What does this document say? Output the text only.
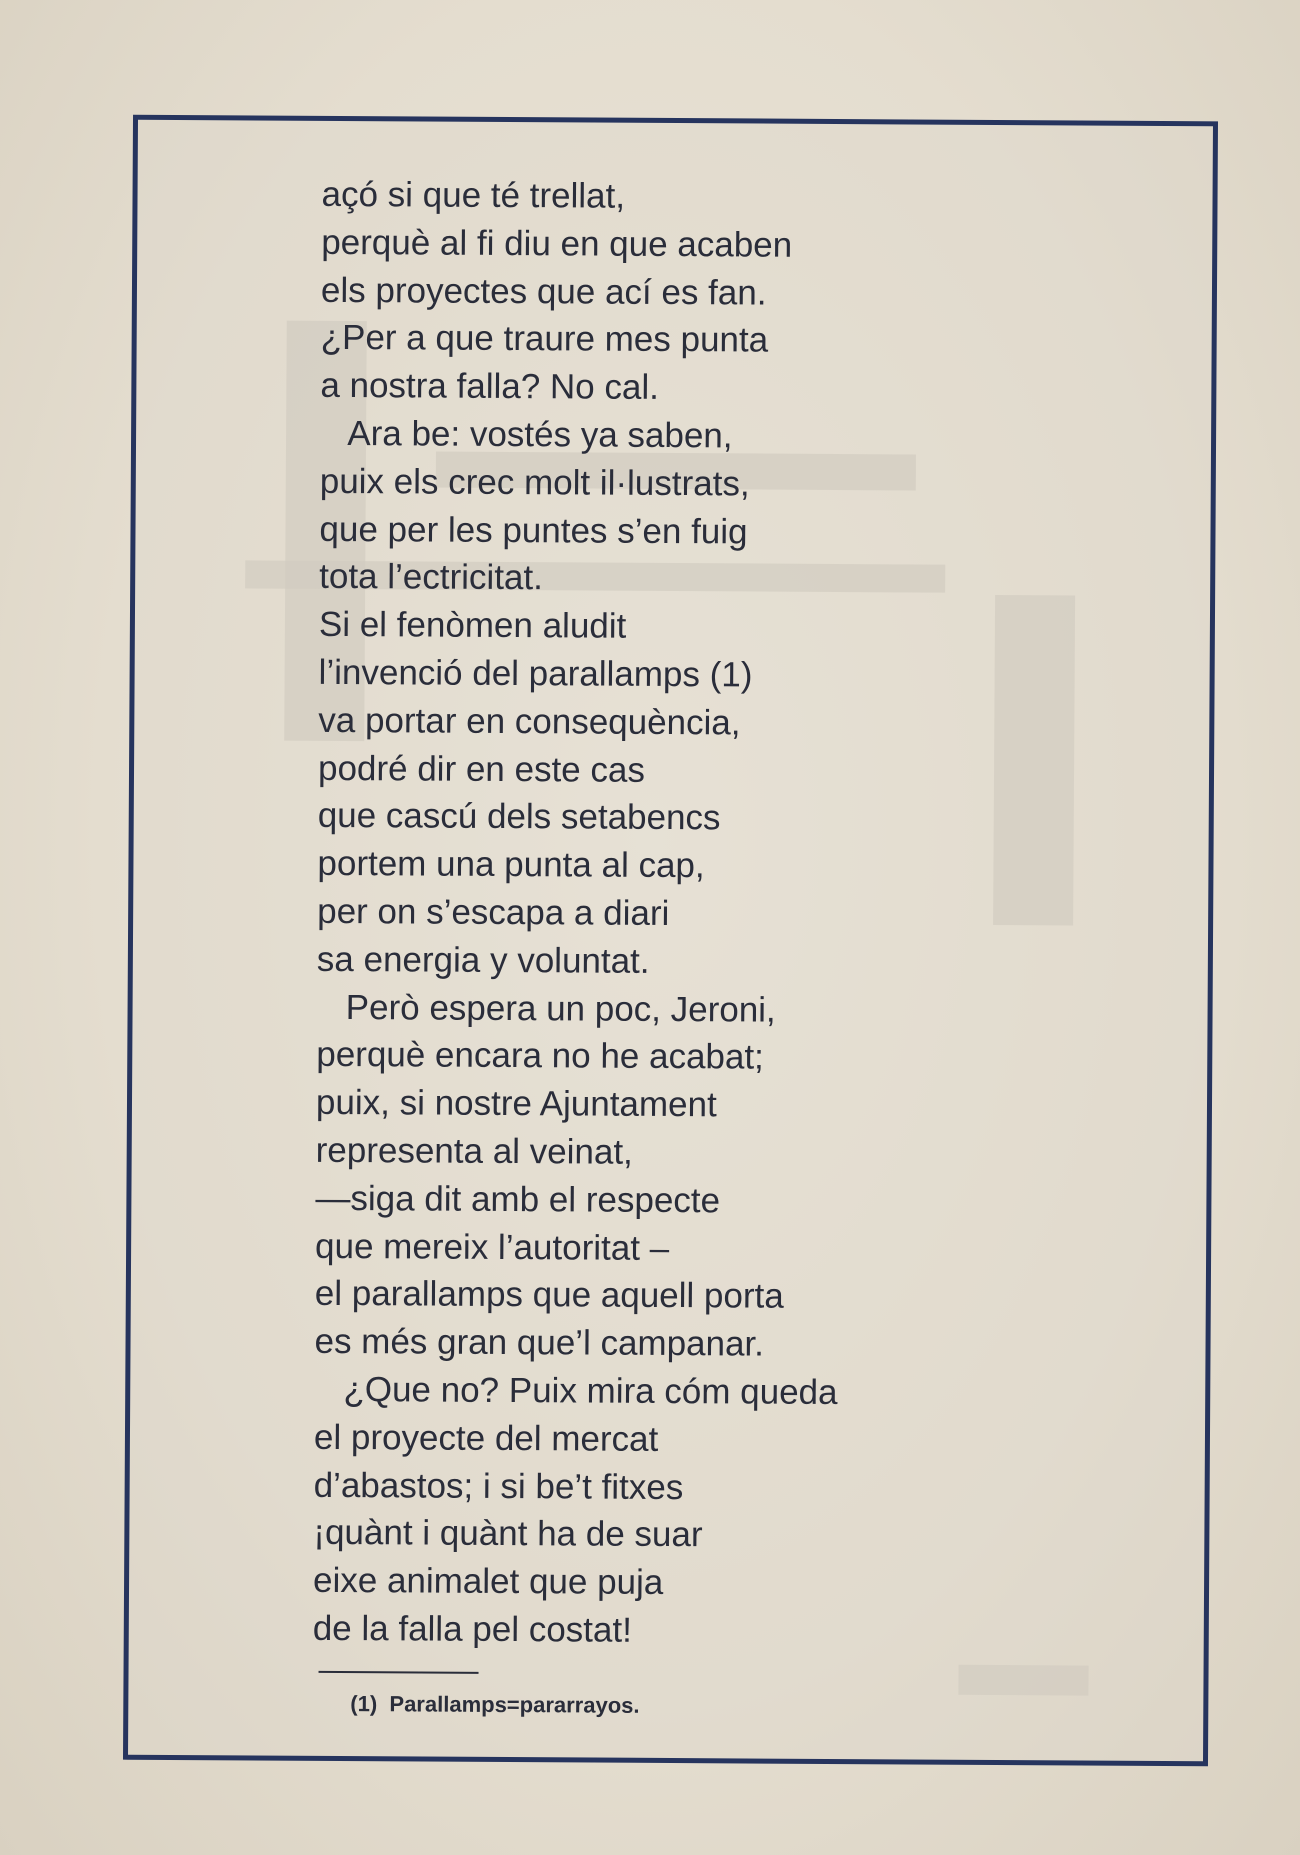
açó si que té trellat,
perquè al fi diu en que acaben
els proyectes que ací es fan.
¿Per a que traure mes punta
a nostra falla? No cal.
Ara be: vostés ya saben,
puix els crec molt il·lustrats,
que per les puntes s’en fuig
tota l’ectricitat.
Si el fenòmen aludit
l’invenció del parallamps (1)
va portar en consequència,
podré dir en este cas
que cascú dels setabencs
portem una punta al cap,
per on s’escapa a diari
sa energia y voluntat.
Però espera un poc, Jeroni,
perquè encara no he acabat;
puix, si nostre Ajuntament
representa al veinat,
—siga dit amb el respecte
que mereix l’autoritat –
el parallamps que aquell porta
es més gran que’l campanar.
¿Que no? Puix mira cóm queda
el proyecte del mercat
d’abastos; i si be’t fitxes
¡quànt i quànt ha de suar
eixe animalet que puja
de la falla pel costat!
(1)  Parallamps=pararrayos.
